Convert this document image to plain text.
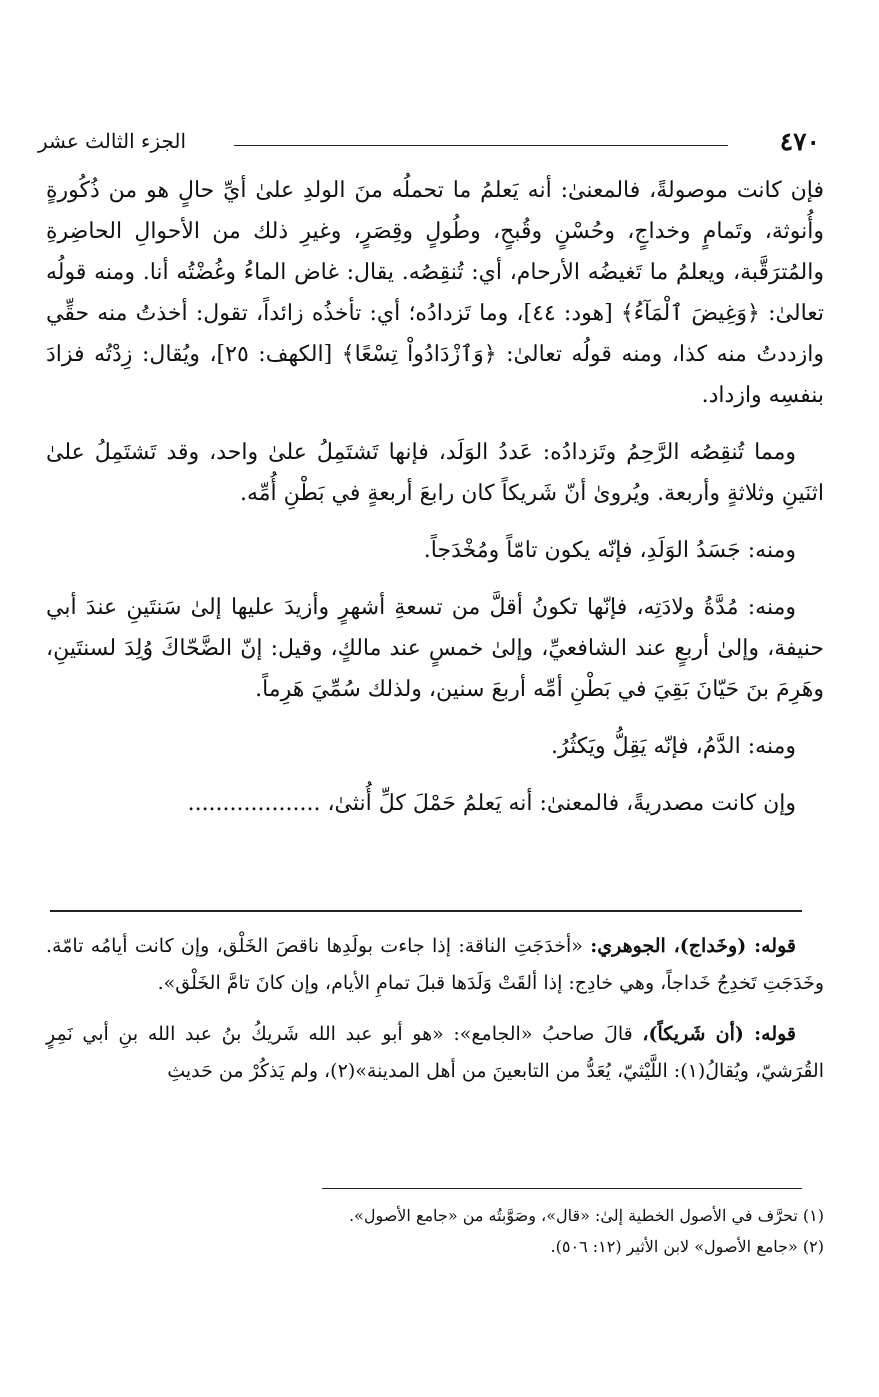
٤٧٠
الجزء الثالث عشر

فإن كانت موصولةً، فالمعنىٰ: أنه يَعلمُ ما تحملُه منَ الولدِ علىٰ أيِّ حالٍ هو من ذُكُورةٍ وأُنوثة، وتَمامٍ وخداجٍ، وحُسْنٍ وقُبحٍ، وطُولٍ وقِصَرٍ، وغيرِ ذلك من الأحوالِ الحاضِرةِ والمُترَقَّبة، ويعلمُ ما تَغيضُه الأرحام، أي: تُنقِصُه. يقال: غاض الماءُ وغُضْتُه أنا. ومنه قولُه تعالىٰ: ﴿وَغِيضَ ٱلْمَآءُ﴾ [هود: ٤٤]، وما تَزدادُه؛ أي: تأخذُه زائداً، تقول: أخذتُ منه حقِّي وازددتُ منه كذا، ومنه قولُه تعالىٰ: ﴿وَٱزْدَادُواْ تِسْعًا﴾ [الكهف: ٢٥]، ويُقال: زِدْتُه فزادَ بنفسِه وازداد.

ومما تُنقِصُه الرَّحِمُ وتَزدادُه: عَددُ الوَلَد، فإنها تَشتَمِلُ علىٰ واحد، وقد تَشتَمِلُ علىٰ اثنَينِ وثلاثةٍ وأربعة. ويُروىٰ أنّ شَريكاً كان رابعَ أربعةٍ في بَطْنِ أُمِّه.

ومنه: جَسَدُ الوَلَدِ، فإنّه يكون تامّاً ومُخْدَجاً.

ومنه: مُدَّةُ ولادَتِه، فإنّها تكونُ أقلَّ من تسعةِ أشهرٍ وأزيدَ عليها إلىٰ سَنتَينِ عندَ أبي حنيفة، وإلىٰ أربعٍ عند الشافعيِّ، وإلىٰ خمسٍ عند مالكٍ، وقيل: إنّ الضَّحّاكَ وُلِدَ لسنتَينِ، وهَرِمَ بنَ حَيّانَ بَقِيَ في بَطْنِ أمِّه أربعَ سنين، ولذلك سُمِّيَ هَرِماً.

ومنه: الدَّمُ، فإنّه يَقِلُّ ويَكثُرُ.

وإن كانت مصدريةً، فالمعنىٰ: أنه يَعلمُ حَمْلَ كلِّ أُنثىٰ، ...................

قوله: (وخَداج)، الجوهري: «أخدَجَتِ الناقة: إذا جاءت بولَدِها ناقصَ الخَلْق، وإن كانت أيامُه تامّة. وخَدَجَتِ تَخدِجُ خَداجاً، وهي خادِج: إذا ألقَتْ وَلَدَها قبلَ تمامِ الأيام، وإن كانَ تامَّ الخَلْق».

قوله: (أن شَريكاً)، قالَ صاحبُ «الجامع»: «هو أبو عبد الله شَريكُ بنُ عبد الله بنِ أبي نَمِرٍ القُرَشيّ، ويُقالُ(١): اللَّيْثيّ، يُعَدُّ من التابعينَ من أهل المدينة»(٢)، ولم يَذكُرْ من حَديثِ

(١) تحرَّف في الأصول الخطية إلىٰ: «قال»، وصَوَّبتُه من «جامع الأصول».
(٢) «جامع الأصول» لابن الأثير (١٢: ٥٠٦).
